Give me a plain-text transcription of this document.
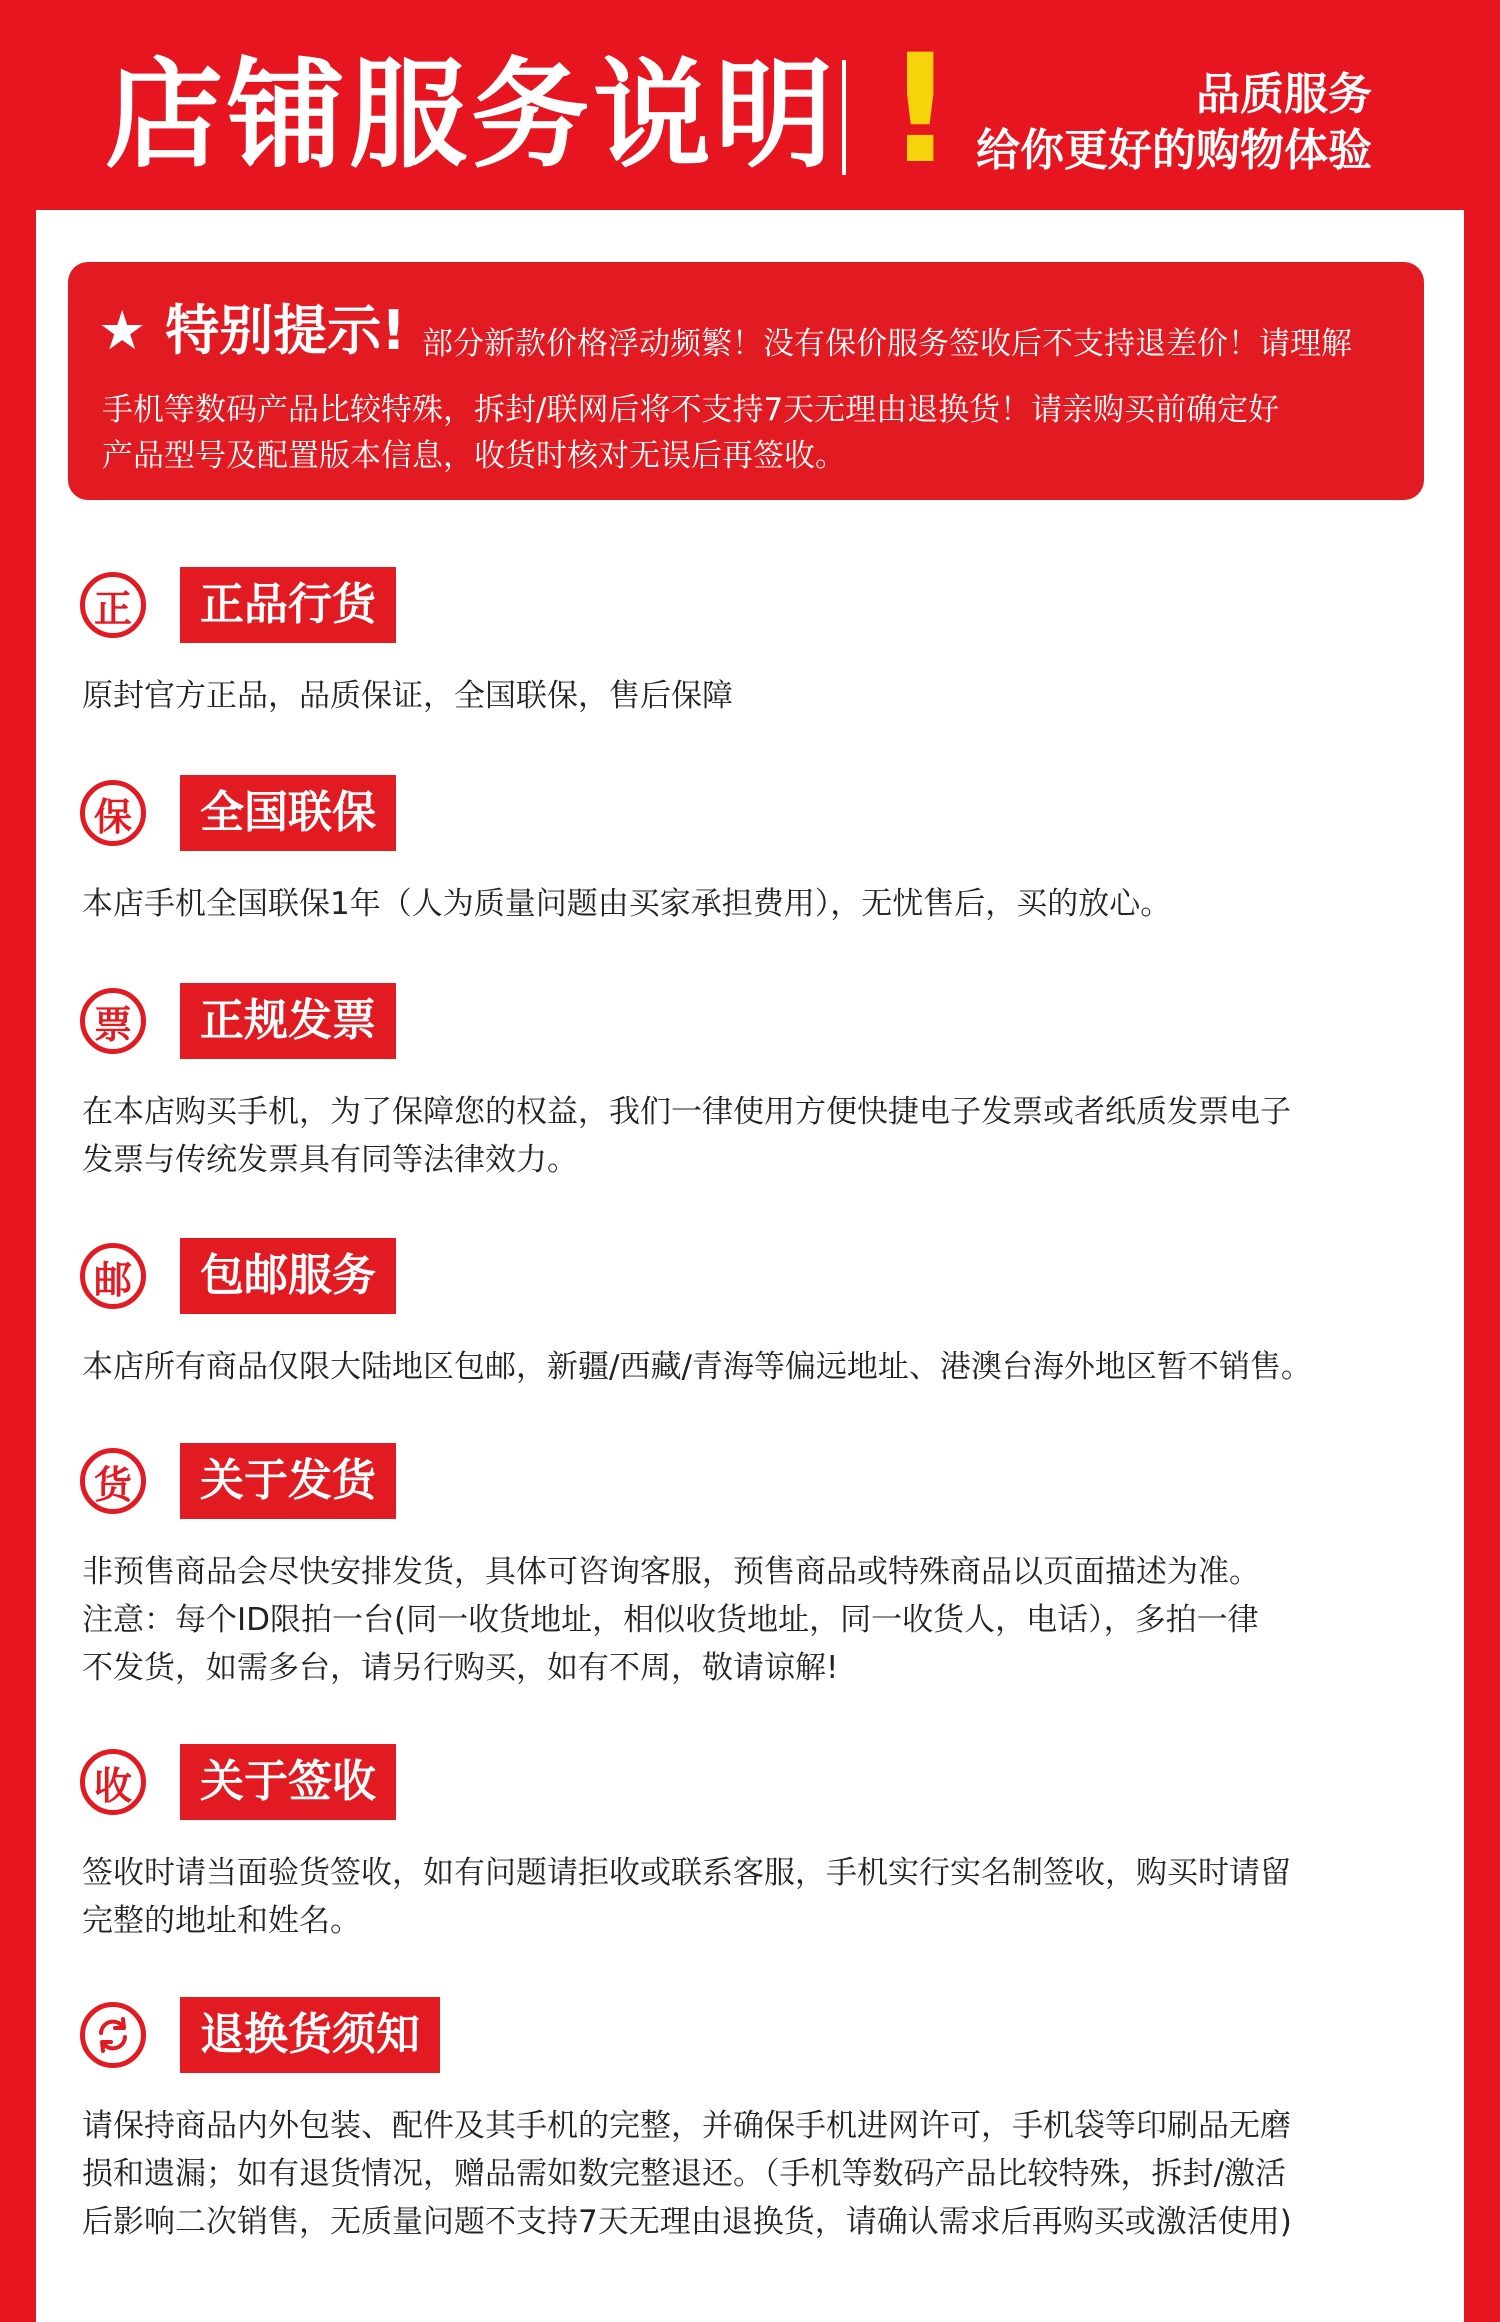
店铺服务说明 !	品质服务
给你更好的购物体验
★ 特别提示! 部分新款价格浮动频繁！没有保价服务签收后不支持退差价！请理解
手机等数码产品比较特殊，拆封/联网后将不支持7天无理由退换货！请亲购买前确定好
产品型号及配置版本信息，收货时核对无误后再签收。
正	正品行货

原封官方正品，品质保证，全国联保，售后保障

保	全国联保

本店手机全国联保1年（人为质量问题由买家承担费用），无忧售后，买的放心。

票	正规发票

在本店购买手机，为了保障您的权益，我们一律使用方便快捷电子发票或者纸质发票电子

发票与传统发票具有同等法律效力。

邮	包邮服务

本店所有商品仅限大陆地区包邮，新疆/西藏/青海等偏远地址、港澳台海外地区暂不销售。

货	关于发货

非预售商品会尽快安排发货，具体可咨询客服，预售商品或特殊商品以页面描述为准。

注意：每个ID限拍一台(同一收货地址，相似收货地址，同一收货人，电话），多拍一律

不发货，如需多台，请另行购买，如有不周，敬请谅解!

收	关于签收

签收时请当面验货签收，如有问题请拒收或联系客服，手机实行实名制签收，购买时请留

完整的地址和姓名。

退换货须知

请保持商品内外包装、配件及其手机的完整，并确保手机进网许可，手机袋等印刷品无磨

损和遗漏；如有退货情况，赠品需如数完整退还。（手机等数码产品比较特殊，拆封/激活

后影响二次销售，无质量问题不支持7天无理由退换货，请确认需求后再购买或激活使用)
